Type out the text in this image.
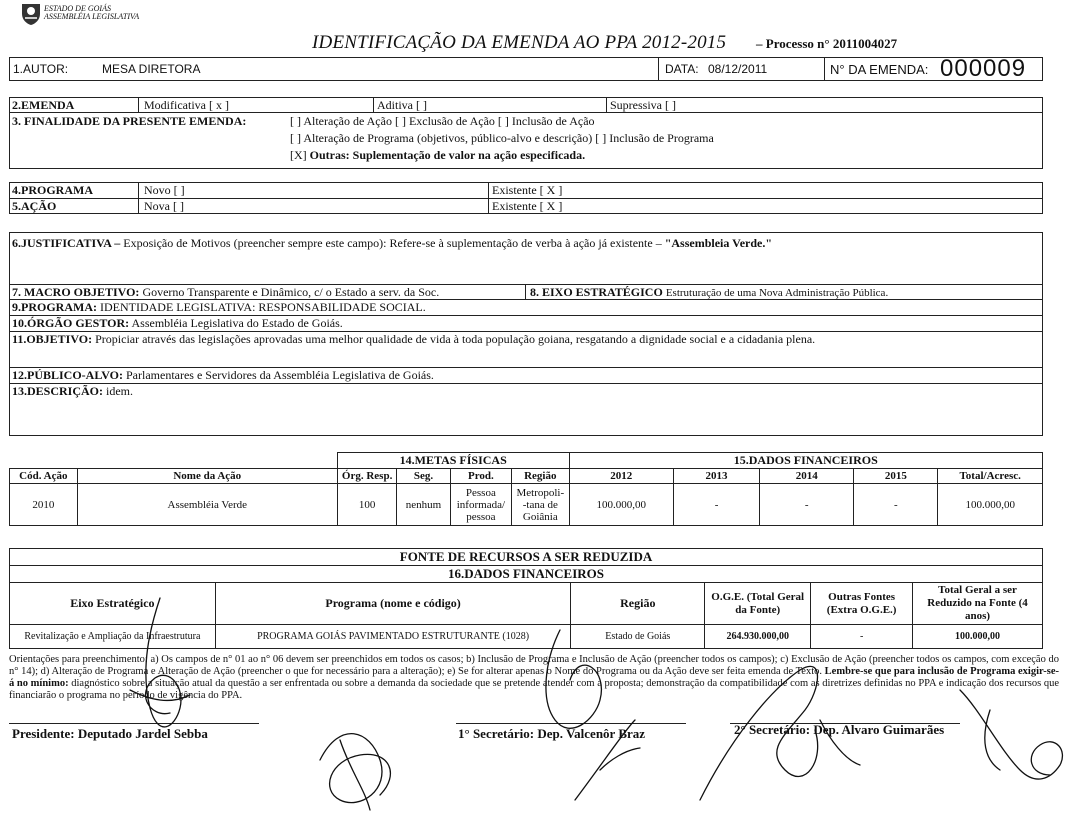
ESTADO DE GOIÁS
ASSEMBLÉIA LEGISLATIVA
IDENTIFICAÇÃO DA EMENDA AO PPA 2012-2015 – Processo n° 2011004027
1.AUTOR:	MESA DIRETORA	DATA: 08/12/2011	N° DA EMENDA: 000009
2.EMENDA	Modificativa [ x ]	Aditiva [ ]	Supressiva [ ]
3. FINALIDADE DA PRESENTE EMENDA:	[ ] Alteração de Ação [ ] Exclusão de Ação [ ] Inclusão de Ação
[ ] Alteração de Programa (objetivos, público-alvo e descrição) [ ] Inclusão de Programa
[X] Outras: Suplementação de valor na ação especificada.
4.PROGRAMA	Novo [ ]	Existente [ X ]
5.AÇÃO	Nova [ ]	Existente [ X ]
6.JUSTIFICATIVA – Exposição de Motivos (preencher sempre este campo): Refere-se à suplementação de verba à ação já existente – "Assembleia Verde."
7. MACRO OBJETIVO: Governo Transparente e Dinâmico, c/ o Estado a serv. da Soc.	8. EIXO ESTRATÉGICO Estruturação de uma Nova Administração Pública.
9.PROGRAMA: IDENTIDADE LEGISLATIVA: RESPONSABILIDADE SOCIAL.
10.ÓRGÃO GESTOR: Assembléia Legislativa do Estado de Goiás.
11.OBJETIVO: Propiciar através das legislações aprovadas uma melhor qualidade de vida à toda população goiana, resgatando a dignidade social e a cidadania plena.
12.PÚBLICO-ALVO: Parlamentares e Servidores da Assembléia Legislativa de Goiás.
13.DESCRIÇÃO: idem.
		14.METAS FÍSICAS				15.DADOS FINANCEIROS				
Cód. Ação	Nome da Ação	Órg. Resp.	Seg.	Prod.	Região	2012	2013	2014	2015	Total/Acresc.
2010	Assembléia Verde	100	nenhum	Pessoa informada/ pessoa	Metropoli- -tana de Goiânia	100.000,00	-	-	-	100.000,00
FONTE DE RECURSOS A SER REDUZIDA					
16.DADOS FINANCEIROS					
Eixo Estratégico	Programa (nome e código)	Região	O.G.E. (Total Geral da Fonte)	Outras Fontes (Extra O.G.E.)	Total Geral a ser Reduzido na Fonte (4 anos)
Revitalização e Ampliação da Infraestrutura	PROGRAMA GOIÁS PAVIMENTADO ESTRUTURANTE (1028)	Estado de Goiás	264.930.000,00	-	100.000,00
Orientações para preenchimento: a) Os campos de n° 01 ao n° 06 devem ser preenchidos em todos os casos; b) Inclusão de Programa e Inclusão de Ação (preencher todos os campos); c) Exclusão de Ação (preencher todos os campos, com exceção do n° 14); d) Alteração de Programa e Alteração de Ação (preencher o que for necessário para a alteração); e) Se for alterar apenas o Nome do Programa ou da Ação deve ser feita emenda de Texto. Lembre-se que para inclusão de Programa exigir-se-á no mínimo: diagnóstico sobre a situação atual da questão a ser enfrentada ou sobre a demanda da sociedade que se pretende atender com a proposta; demonstração da compatibilidade com as diretrizes definidas no PPA e indicação dos recursos que financiarão o programa no período de vigência do PPA.
Presidente: Deputado Jardel Sebba	1° Secretário: Dep. Valcenôr Braz	2° Secretário: Dep. Alvaro Guimarães
